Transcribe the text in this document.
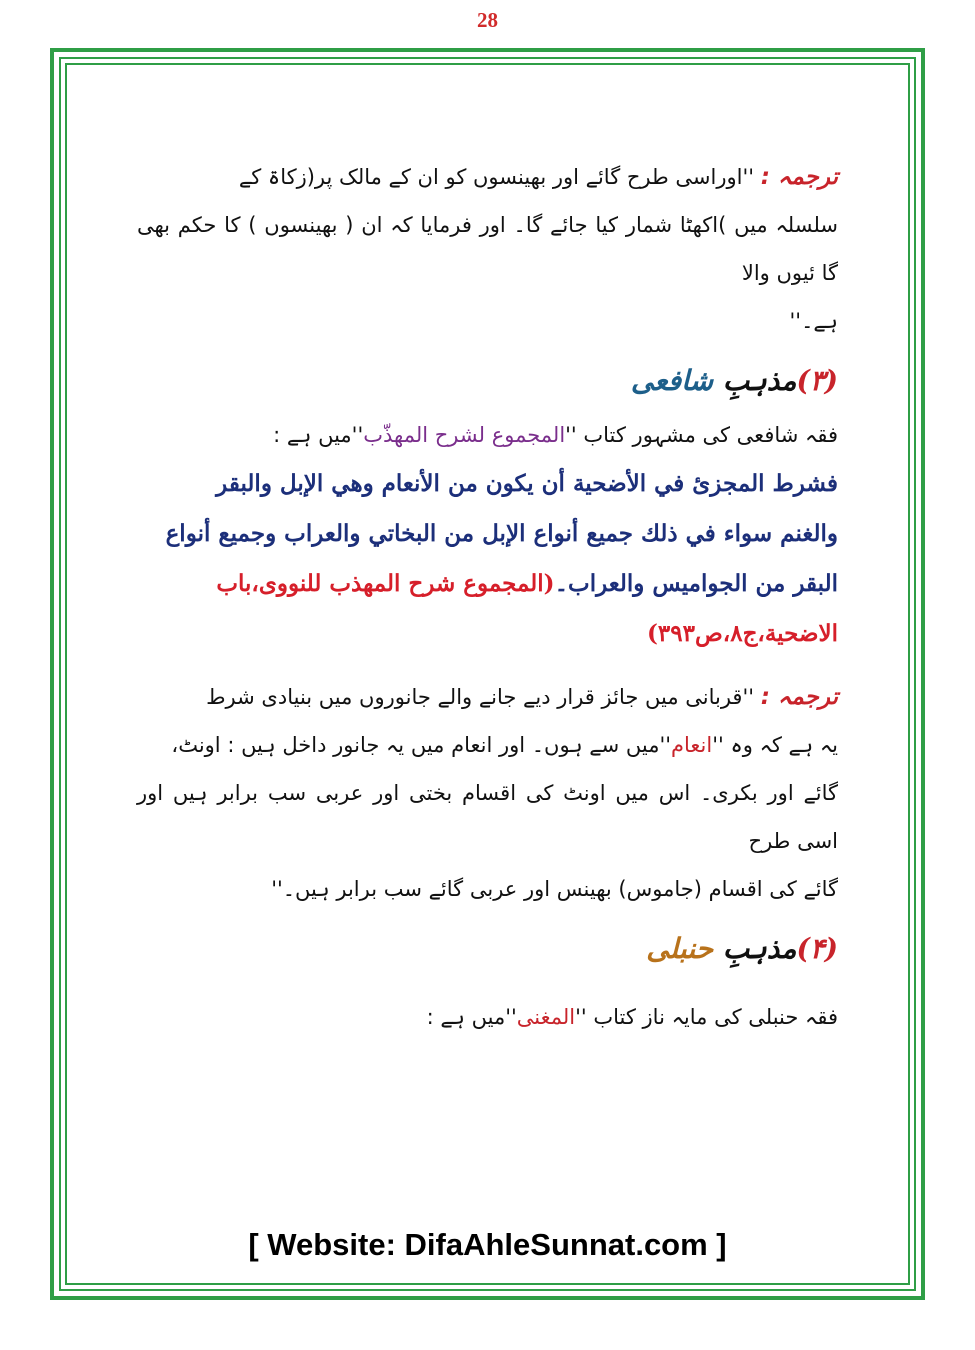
28
ترجمہ : ''اوراسی طرح گائے اور بھینسوں کو ان کے مالک پر(زکاۃ کے
سلسلہ میں )اکھٹا شمار کیا جائے گا۔ اور فرمایا کہ ان ( بھینسوں ) کا حکم بھی گا ئیوں والا
ہے۔''
(۳)مذہبِ شافعی
فقہ شافعی کی مشہور کتاب ''المجموع لشرح المهذّب''میں ہے :
فشرط المجزئ في الأضحية أن يكون من الأنعام وهي الإبل والبقر
والغنم سواء في ذلك جميع أنواع الإبل من البخاتي والعراب وجميع أنواع
البقر من الجواميس والعراب۔(المجموع شرح المهذب للنووی،باب
الاضحية،ج۸،ص۳۹۳)
ترجمہ : ''قربانی میں جائز قرار دیے جانے والے جانوروں میں بنیادی شرط
یہ ہے کہ وہ ''انعام''میں سے ہوں۔ اور انعام میں یہ جانور داخل ہیں : اونٹ،
گائے اور بکری۔ اس میں اونٹ کی اقسام بختی اور عربی سب برابر ہیں اور اسی طرح
گائے کی اقسام (جاموس) بھینس اور عربی گائے سب برابر ہیں۔''
(۴)مذہبِ حنبلی
فقہ حنبلی کی مایہ ناز کتاب ''المغنی''میں ہے :
[ Website: DifaAhleSunnat.com ]
